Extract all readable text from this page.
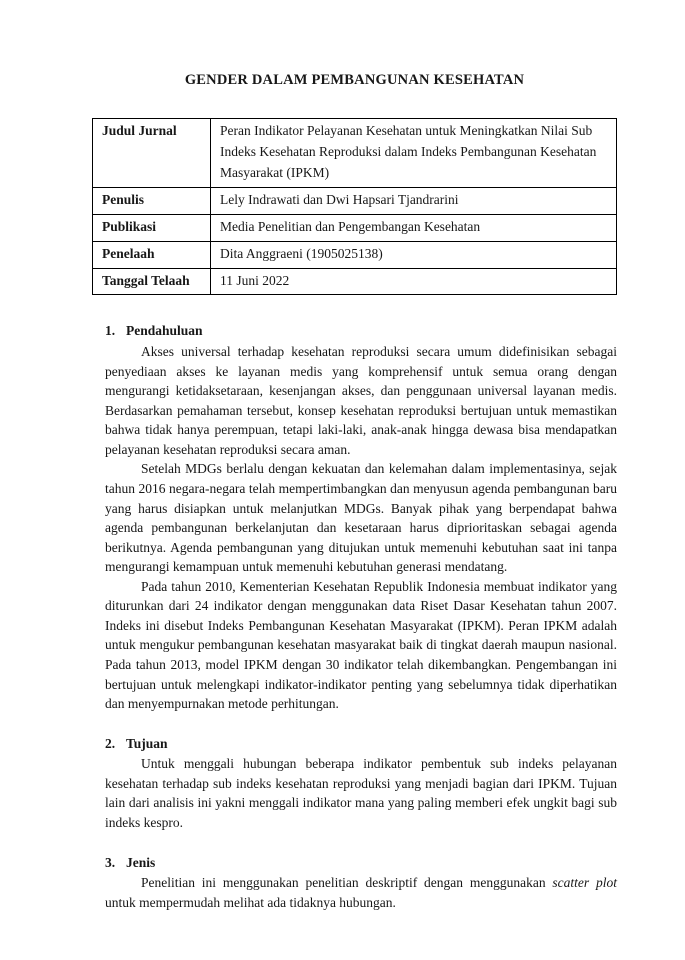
GENDER DALAM PEMBANGUNAN KESEHATAN
Judul Jurnal	Peran Indikator Pelayanan Kesehatan untuk Meningkatkan Nilai Sub Indeks Kesehatan Reproduksi dalam Indeks Pembangunan Kesehatan Masyarakat (IPKM)
Penulis	Lely Indrawati dan Dwi Hapsari Tjandrarini
Publikasi	Media Penelitian dan Pengembangan Kesehatan
Penelaah	Dita Anggraeni (1905025138)
Tanggal Telaah	11 Juni 2022
1. Pendahuluan

Akses universal terhadap kesehatan reproduksi secara umum didefinisikan sebagai penyediaan akses ke layanan medis yang komprehensif untuk semua orang dengan mengurangi ketidaksetaraan, kesenjangan akses, dan penggunaan universal layanan medis. Berdasarkan pemahaman tersebut, konsep kesehatan reproduksi bertujuan untuk memastikan bahwa tidak hanya perempuan, tetapi laki-laki, anak-anak hingga dewasa bisa mendapatkan pelayanan kesehatan reproduksi secara aman.

Setelah MDGs berlalu dengan kekuatan dan kelemahan dalam implementasinya, sejak tahun 2016 negara-negara telah mempertimbangkan dan menyusun agenda pembangunan baru yang harus disiapkan untuk melanjutkan MDGs. Banyak pihak yang berpendapat bahwa agenda pembangunan berkelanjutan dan kesetaraan harus diprioritaskan sebagai agenda berikutnya. Agenda pembangunan yang ditujukan untuk memenuhi kebutuhan saat ini tanpa mengurangi kemampuan untuk memenuhi kebutuhan generasi mendatang.

Pada tahun 2010, Kementerian Kesehatan Republik Indonesia membuat indikator yang diturunkan dari 24 indikator dengan menggunakan data Riset Dasar Kesehatan tahun 2007. Indeks ini disebut Indeks Pembangunan Kesehatan Masyarakat (IPKM). Peran IPKM adalah untuk mengukur pembangunan kesehatan masyarakat baik di tingkat daerah maupun nasional. Pada tahun 2013, model IPKM dengan 30 indikator telah dikembangkan. Pengembangan ini bertujuan untuk melengkapi indikator-indikator penting yang sebelumnya tidak diperhatikan dan menyempurnakan metode perhitungan.

2. Tujuan

Untuk menggali hubungan beberapa indikator pembentuk sub indeks pelayanan kesehatan terhadap sub indeks kesehatan reproduksi yang menjadi bagian dari IPKM. Tujuan lain dari analisis ini yakni menggali indikator mana yang paling memberi efek ungkit bagi sub indeks kespro.

3. Jenis

Penelitian ini menggunakan penelitian deskriptif dengan menggunakan scatter plot untuk mempermudah melihat ada tidaknya hubungan.
